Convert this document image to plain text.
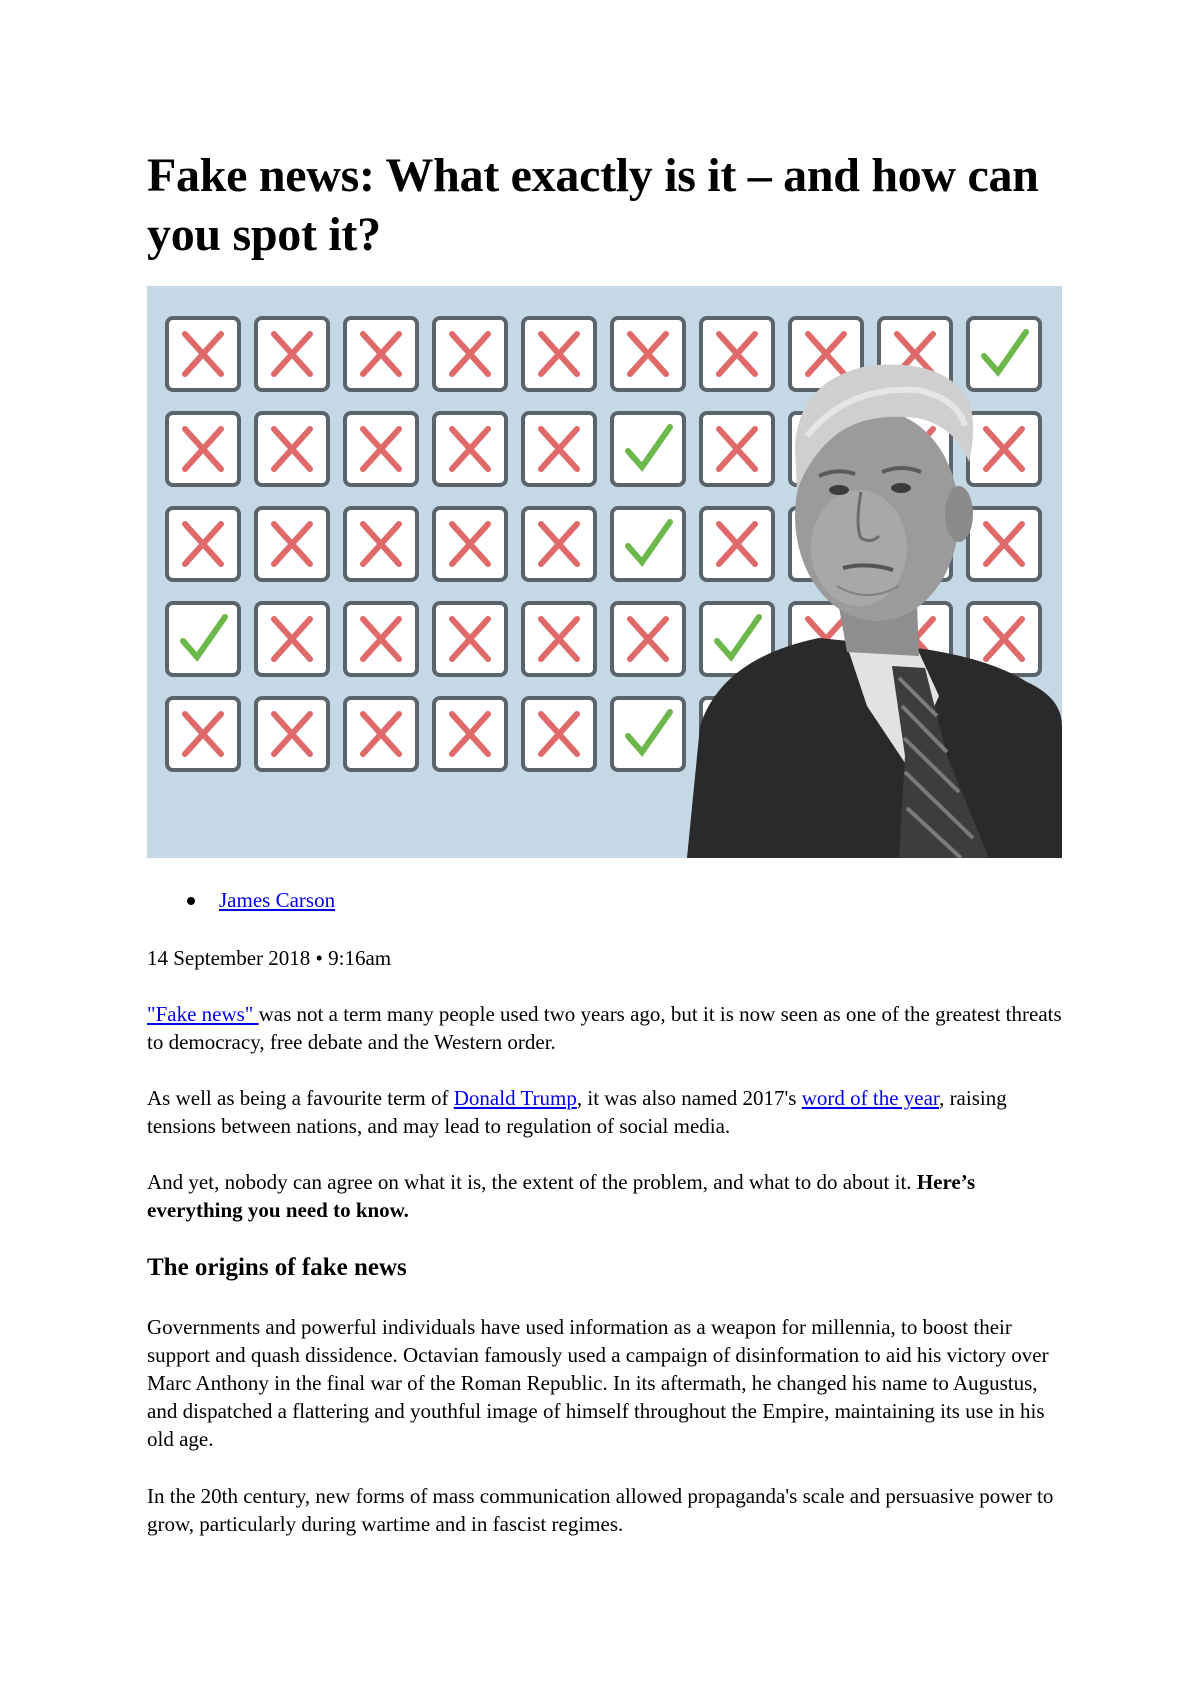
Fake news: What exactly is it – and how can you spot it?
James Carson

14 September 2018 • 9:16am

"Fake news" was not a term many people used two years ago, but it is now seen as one of the greatest threats to democracy, free debate and the Western order.

As well as being a favourite term of Donald Trump, it was also named 2017's word of the year, raising tensions between nations, and may lead to regulation of social media.

And yet, nobody can agree on what it is, the extent of the problem, and what to do about it. Here’s everything you need to know.

The origins of fake news

Governments and powerful individuals have used information as a weapon for millennia, to boost their support and quash dissidence. Octavian famously used a campaign of disinformation to aid his victory over Marc Anthony in the final war of the Roman Republic. In its aftermath, he changed his name to Augustus, and dispatched a flattering and youthful image of himself throughout the Empire, maintaining its use in his old age.

In the 20th century, new forms of mass communication allowed propaganda's scale and persuasive power to grow, particularly during wartime and in fascist regimes.
